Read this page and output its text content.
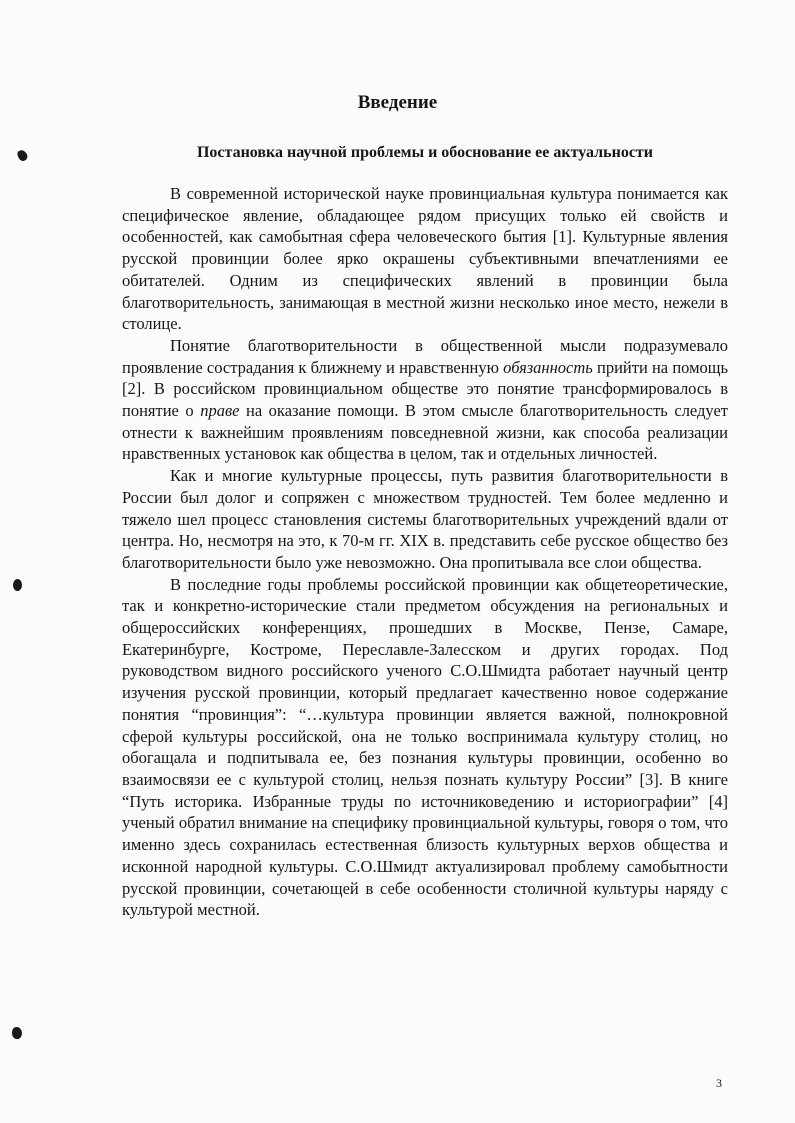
Введение
Постановка научной проблемы и обоснование ее актуальности

В современной исторической науке провинциальная культура понимается как специфическое явление, обладающее рядом присущих только ей свойств и особенностей, как самобытная сфера человеческого бытия [1]. Культурные явления русской провинции более ярко окрашены субъективными впечатлениями ее обитателей. Одним из специфических явлений в провинции была благотворительность, занимающая в местной жизни несколько иное место, нежели в столице.

Понятие благотворительности в общественной мысли подразумевало проявление сострадания к ближнему и нравственную обязанность прийти на помощь [2]. В российском провинциальном обществе это понятие трансформировалось в понятие о праве на оказание помощи. В этом смысле благотворительность следует отнести к важнейшим проявлениям повседневной жизни, как способа реализации нравственных установок как общества в целом, так и отдельных личностей.

Как и многие культурные процессы, путь развития благотворительности в России был долог и сопряжен с множеством трудностей. Тем более медленно и тяжело шел процесс становления системы благотворительных учреждений вдали от центра. Но, несмотря на это, к 70-м гг. XIX в. представить себе русское общество без благотворительности было уже невозможно. Она пропитывала все слои общества.

В последние годы проблемы российской провинции как общетеоретические, так и конкретно-исторические стали предметом обсуждения на региональных и общероссийских конференциях, прошедших в Москве, Пензе, Самаре, Екатеринбурге, Костроме, Переславле-Залесском и других городах. Под руководством видного российского ученого С.О.Шмидта работает научный центр изучения русской провинции, который предлагает качественно новое содержание понятия “провинция”: “…культура провинции является важной, полнокровной сферой культуры российской, она не только воспринимала культуру столиц, но обогащала и подпитывала ее, без познания культуры провинции, особенно во взаимосвязи ее с культурой столиц, нельзя познать культуру России” [3]. В книге “Путь историка. Избранные труды по источниковедению и историографии” [4] ученый обратил внимание на специфику провинциальной культуры, говоря о том, что именно здесь сохранилась естественная близость культурных верхов общества и исконной народной культуры. С.О.Шмидт актуализировал проблему самобытности русской провинции, сочетающей в себе особенности столичной культуры наряду с культурой местной.

3
